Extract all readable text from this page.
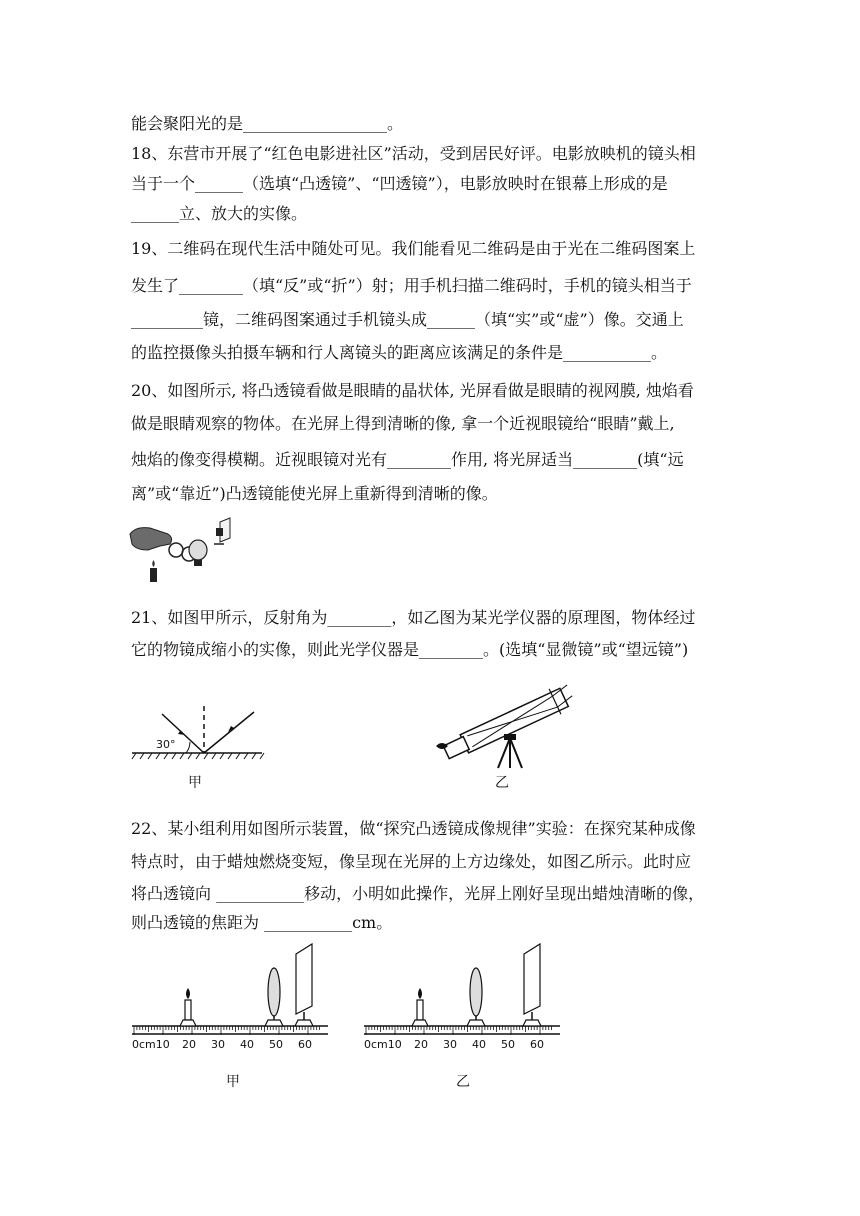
能会聚阳光的是__________________。
18、东营市开展了“红色电影进社区”活动，受到居民好评。电影放映机的镜头相
当于一个______（选填“凸透镜”、“凹透镜”），电影放映时在银幕上形成的是
______立、放大的实像。
19、二维码在现代生活中随处可见。我们能看见二维码是由于光在二维码图案上
发生了________（填“反”或“折”）射；用手机扫描二维码时，手机的镜头相当于
_________镜，二维码图案通过手机镜头成______（填“实”或“虚”）像。交通上
的监控摄像头拍摄车辆和行人离镜头的距离应该满足的条件是___________。
20、如图所示, 将凸透镜看做是眼睛的晶状体, 光屏看做是眼睛的视网膜, 烛焰看
做是眼睛观察的物体。在光屏上得到清晰的像, 拿一个近视眼镜给“眼睛”戴上,
烛焰的像变得模糊。近视眼镜对光有________作用, 将光屏适当________(填“远
离”或“靠近”)凸透镜能使光屏上重新得到清晰的像。
21、如图甲所示，反射角为________，如乙图为某光学仪器的原理图，物体经过
它的物镜成缩小的实像，则此光学仪器是________。(选填“显微镜”或“望远镜”)
22、某小组利用如图所示装置，做“探究凸透镜成像规律”实验：在探究某种成像
特点时，由于蜡烛燃烧变短，像呈现在光屏的上方边缘处，如图乙所示。此时应
将凸透镜向 ___________移动，小明如此操作，光屏上刚好呈现出蜡烛清晰的像，
则凸透镜的焦距为 ___________cm。
30°
甲	乙
0cm10 20 30 40 50 60
甲
0cm10 20 30 40 50 60
乙
